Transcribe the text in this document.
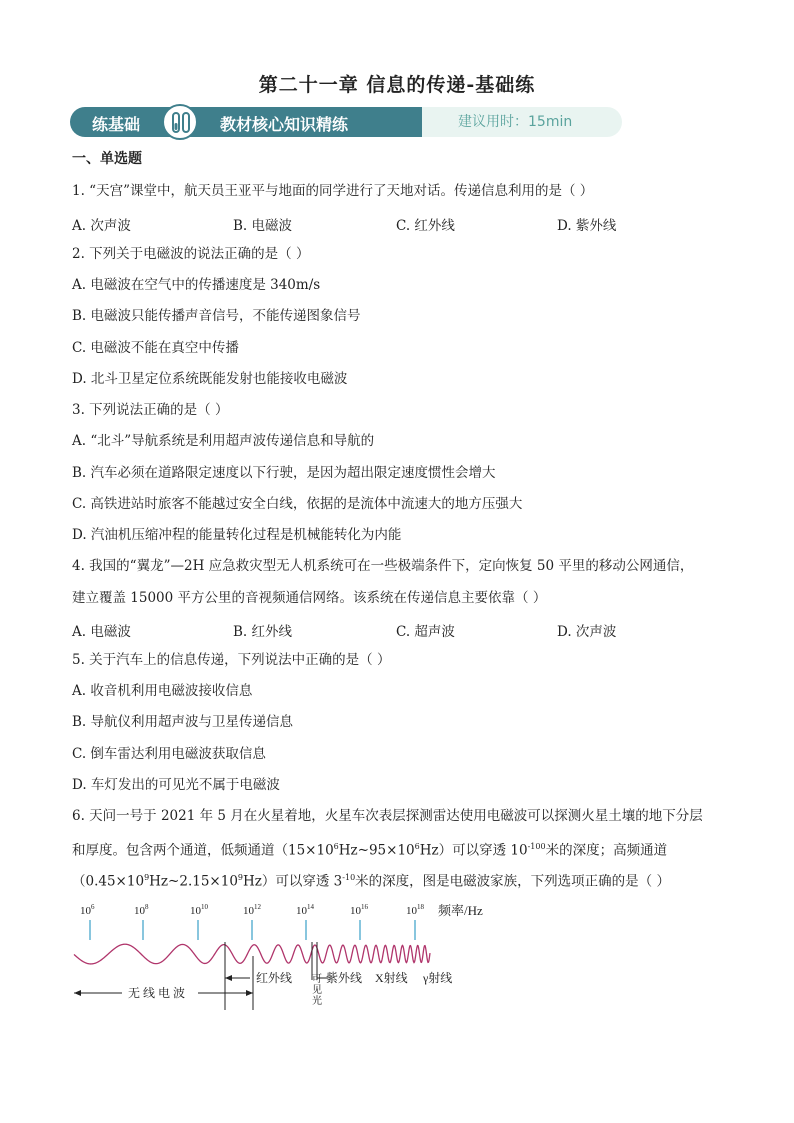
第二十一章 信息的传递-基础练
练基础	教材核心知识精练	建议用时：15min
一、单选题
1. “天宫”课堂中，航天员王亚平与地面的同学进行了天地对话。传递信息利用的是（ ）
A. 次声波	B. 电磁波	C. 红外线	D. 紫外线
2. 下列关于电磁波的说法正确的是（ ）
A. 电磁波在空气中的传播速度是 340m/s
B. 电磁波只能传播声音信号，不能传递图象信号
C. 电磁波不能在真空中传播
D. 北斗卫星定位系统既能发射也能接收电磁波
3. 下列说法正确的是（ ）
A. “北斗”导航系统是利用超声波传递信息和导航的
B. 汽车必须在道路限定速度以下行驶，是因为超出限定速度惯性会增大
C. 高铁进站时旅客不能越过安全白线，依据的是流体中流速大的地方压强大
D. 汽油机压缩冲程的能量转化过程是机械能转化为内能
4. 我国的“翼龙”—2H 应急救灾型无人机系统可在一些极端条件下，定向恢复 50 平里的移动公网通信，
建立覆盖 15000 平方公里的音视频通信网络。该系统在传递信息主要依靠（ ）
A. 电磁波	B. 红外线	C. 超声波	D. 次声波
5. 关于汽车上的信息传递，下列说法中正确的是（ ）
A. 收音机利用电磁波接收信息
B. 导航仪利用超声波与卫星传递信息
C. 倒车雷达利用电磁波获取信息
D. 车灯发出的可见光不属于电磁波
6. 天问一号于 2021 年 5 月在火星着地，火星车次表层探测雷达使用电磁波可以探测火星土壤的地下分层
和厚度。包含两个通道，低频通道$(15\times 10^6Hz\sim 95\times 10^6Hz)$可以穿透 $10^{-100}$米的深度；高频通道
$(0.45\times 10^9Hz\sim 2.15\times 10^9Hz)$可以穿透 $3^{-10}$米的深度，图是电磁波家族，下列选项正确的是（ ）
$10^6$	$10^8$	$10^{10}$	$10^{12}$	$10^{14}$	$10^{16}$	$10^{18}$ 频率/Hz
无 线 电 波
红外线 可
见
光
紫外线 X射线 γ射线
